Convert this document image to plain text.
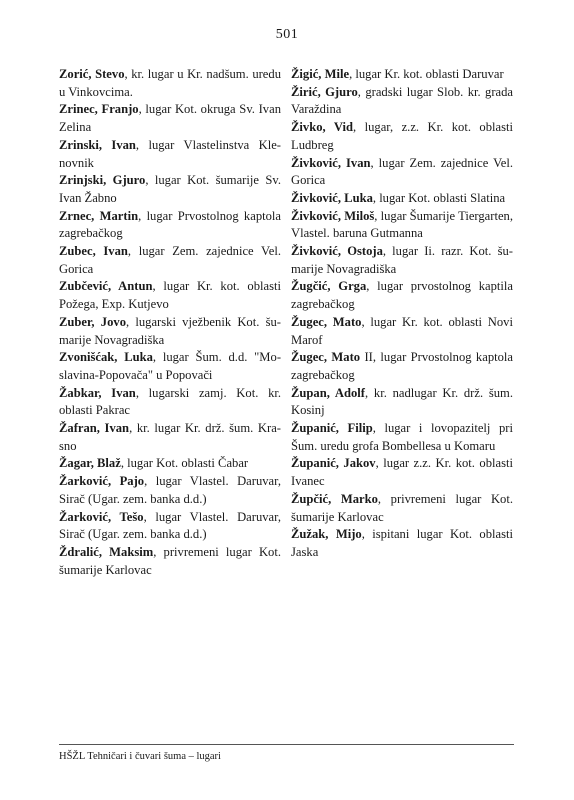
501
Zorić, Stevo, kr. lugar u Kr. nadšum. uredu u Vinkovcima.
Zrinec, Franjo, lugar Kot. okruga Sv. Ivan Zelina
Zrinski, Ivan, lugar Vlastelinstva Klenovnik
Zrinjski, Gjuro, lugar Kot. šumarije Sv. Ivan Žabno
Zrnec, Martin, lugar Prvostolnog kaptola zagrebačkog
Zubec, Ivan, lugar Zem. zajednice Vel. Gorica
Zubčević, Antun, lugar Kr. kot. oblasti Požega, Exp. Kutjevo
Zuber, Jovo, lugarski vježbenik Kot. šumarije Novagradiška
Zvonišćak, Luka, lugar Šum. d.d. "Moslavina-Popovača" u Popovači
Žabkar, Ivan, lugarski zamj. Kot. kr. oblasti Pakrac
Žafran, Ivan, kr. lugar Kr. drž. šum. Krasno
Žagar, Blaž, lugar Kot. oblasti Čabar
Žarković, Pajo, lugar Vlastel. Daruvar, Sirač (Ugar. zem. banka d.d.)
Žarković, Tešo, lugar Vlastel. Daruvar, Sirač (Ugar. zem. banka d.d.)
Ždralić, Maksim, privremeni lugar Kot. šumarije Karlovac
Žigić, Mile, lugar Kr. kot. oblasti Daruvar
Žirić, Gjuro, gradski lugar Slob. kr. grada Varaždina
Živko, Vid, lugar, z.z. Kr. kot. oblasti Ludbreg
Živković, Ivan, lugar Zem. zajednice Vel. Gorica
Živković, Luka, lugar Kot. oblasti Slatina
Živković, Miloš, lugar Šumarije Tiergarten, Vlastel. baruna Gutmanna
Živković, Ostoja, lugar Ii. razr. Kot. šumarije Novagradiška
Žugčić, Grga, lugar prvostolnog kaptila zagrebačkog
Žugec, Mato, lugar Kr. kot. oblasti Novi Marof
Žugec, Mato II, lugar Prvostolnog kaptola zagrebačkog
Župan, Adolf, kr. nadlugar Kr. drž. šum. Kosinj
Županić, Filip, lugar i lovopazitelj pri Šum. uredu grofa Bombellesa u Komaru
Županić, Jakov, lugar z.z. Kr. kot. oblasti Ivanec
Župčić, Marko, privremeni lugar Kot. šumarije Karlovac
Žužak, Mijo, ispitani lugar Kot. oblasti Jaska
HŠŽL Tehničari i čuvari šuma – lugari
